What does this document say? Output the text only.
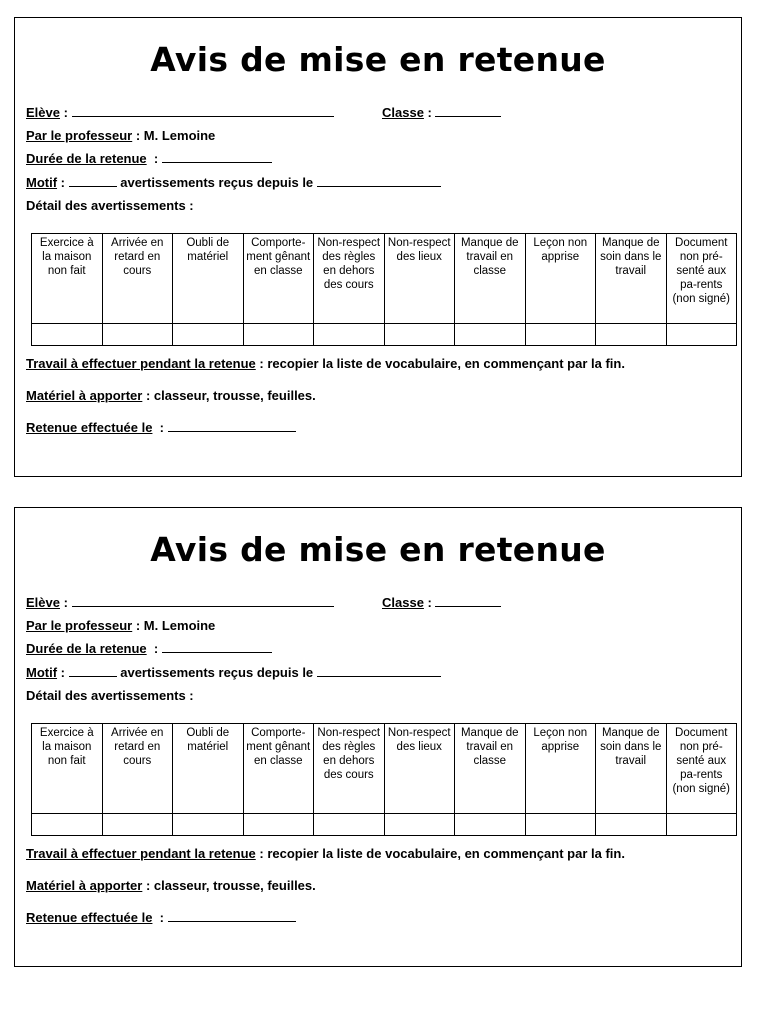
Avis de mise en retenue
Elève :	Classe :
Par le professeur : M. Lemoine
Durée de la retenue  :
Motif :	avertissements reçus depuis le
Détail des avertissements :
Exercice à la maison non fait	Arrivée en retard en cours	Oubli de matériel	Comporte-ment gênant en classe	Non-respect des règles en dehors des cours	Non-respect des lieux	Manque de travail en classe	Leçon non apprise	Manque de soin dans le travail	Document non pré-senté aux pa-rents (non signé)

Travail à effectuer pendant la retenue : recopier la liste de vocabulaire, en commençant par la fin.
Matériel à apporter : classeur, trousse, feuilles.
Retenue effectuée le  :
Avis de mise en retenue
Elève :	Classe :
Par le professeur : M. Lemoine
Durée de la retenue  :
Motif :	avertissements reçus depuis le
Détail des avertissements :
Exercice à la maison non fait	Arrivée en retard en cours	Oubli de matériel	Comporte-ment gênant en classe	Non-respect des règles en dehors des cours	Non-respect des lieux	Manque de travail en classe	Leçon non apprise	Manque de soin dans le travail	Document non pré-senté aux pa-rents (non signé)

Travail à effectuer pendant la retenue : recopier la liste de vocabulaire, en commençant par la fin.
Matériel à apporter : classeur, trousse, feuilles.
Retenue effectuée le  :
